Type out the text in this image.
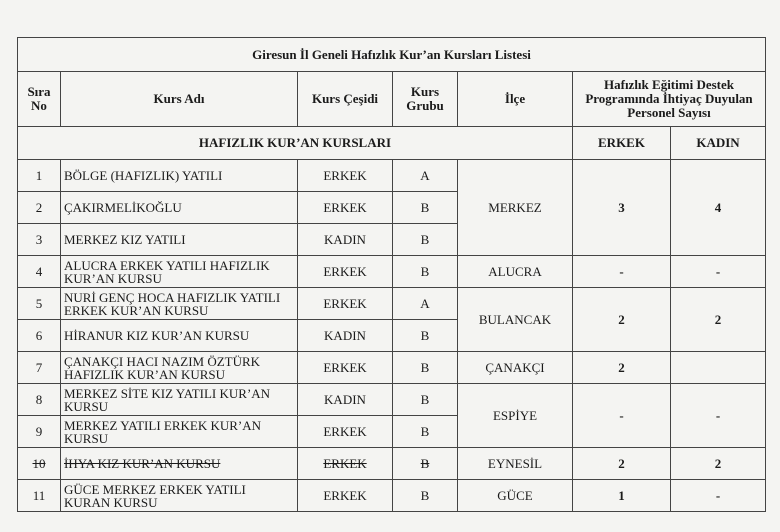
Giresun İl Geneli Hafızlık Kur’an Kursları Listesi						
Sıra No	Kurs Adı	Kurs Çeşidi	Kurs Grubu	İlçe	Hafızlık Eğitimi Destek Programında İhtiyaç Duyulan Personel Sayısı	
HAFIZLIK KUR’AN KURSLARI					ERKEK	KADIN
1	BÖLGE (HAFIZLIK) YATILI	ERKEK	A	MERKEZ	3	4
2	ÇAKIRMELİKOĞLU	ERKEK	B			
3	MERKEZ KIZ YATILI	KADIN	B			
4	ALUCRA ERKEK YATILI HAFIZLIK KUR’AN KURSU	ERKEK	B	ALUCRA	-	-
5	NURİ GENÇ HOCA HAFIZLIK YATILI ERKEK KUR’AN KURSU	ERKEK	A	BULANCAK	2	2
6	HİRANUR KIZ KUR’AN KURSU	KADIN	B			
7	ÇANAKÇI HACI NAZIM ÖZTÜRK HAFIZLIK KUR’AN KURSU	ERKEK	B	ÇANAKÇI	2	
8	MERKEZ SİTE KIZ YATILI KUR’AN KURSU	KADIN	B	ESPİYE	-	-
9	MERKEZ YATILI ERKEK KUR’AN KURSU	ERKEK	B			
10	İHYA KIZ KUR’AN KURSU	ERKEK	B	EYNESİL	2	2
11	GÜCE MERKEZ ERKEK YATILI KURAN KURSU	ERKEK	B	GÜCE	1	-
